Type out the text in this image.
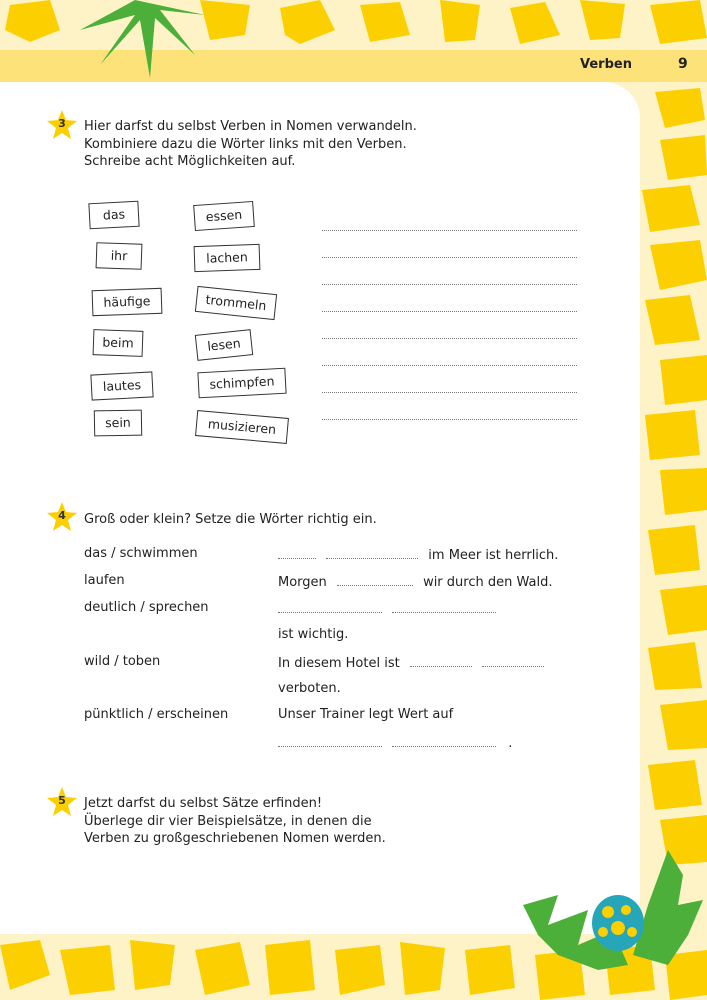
Verben	9
3	Hier darfst du selbst Verben in Nomen verwandeln.
Kombiniere dazu die Wörter links mit den Verben.
Schreibe acht Möglichkeiten auf.
das
ihr
häufige
beim
lautes
sein
essen
lachen
trommeln
lesen
schimpfen
musizieren
4	Groß oder klein? Setze die Wörter richtig ein.
das / schwimmen	im Meer ist herrlich.
laufen	Morgen	wir durch den Wald.
deutlich / sprechen

ist wichtig.
wild / toben	In diesem Hotel ist
verboten.
pünktlich / erscheinen	Unser Trainer legt Wert auf
.
5	Jetzt darfst du selbst Sätze erfinden!
Überlege dir vier Beispielsätze, in denen die
Verben zu großgeschriebenen Nomen werden.
